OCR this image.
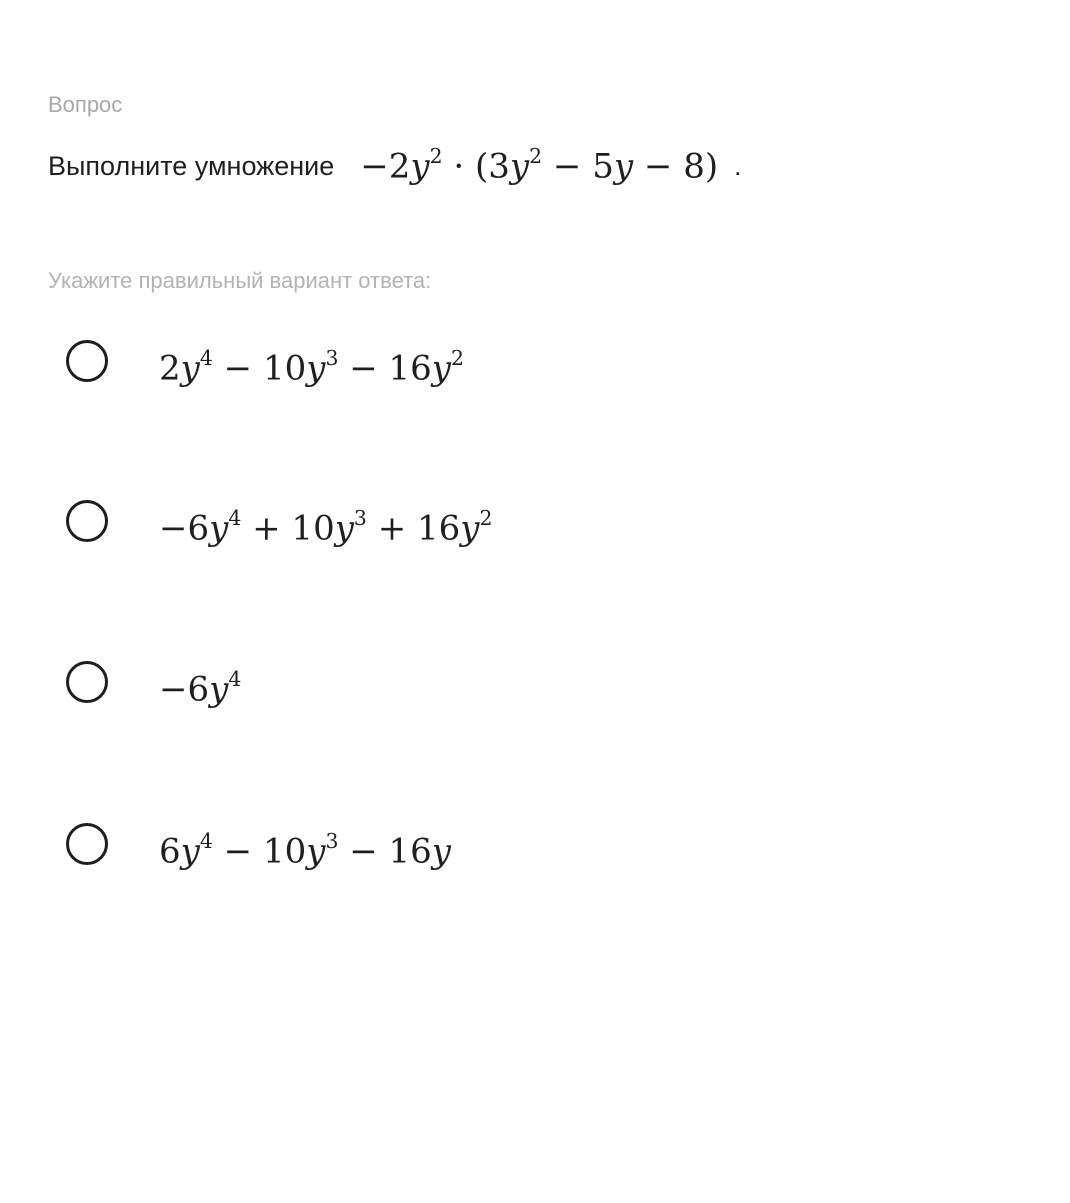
Вопрос
Выполните умножение $-2y^2 \cdot (3y^2 - 5y - 8)$ .
Укажите правильный вариант ответа:
$2y^4 - 10y^3 - 16y^2$
$-6y^4 + 10y^3 + 16y^2$
$-6y^4$
$6y^4 - 10y^3 - 16y$
